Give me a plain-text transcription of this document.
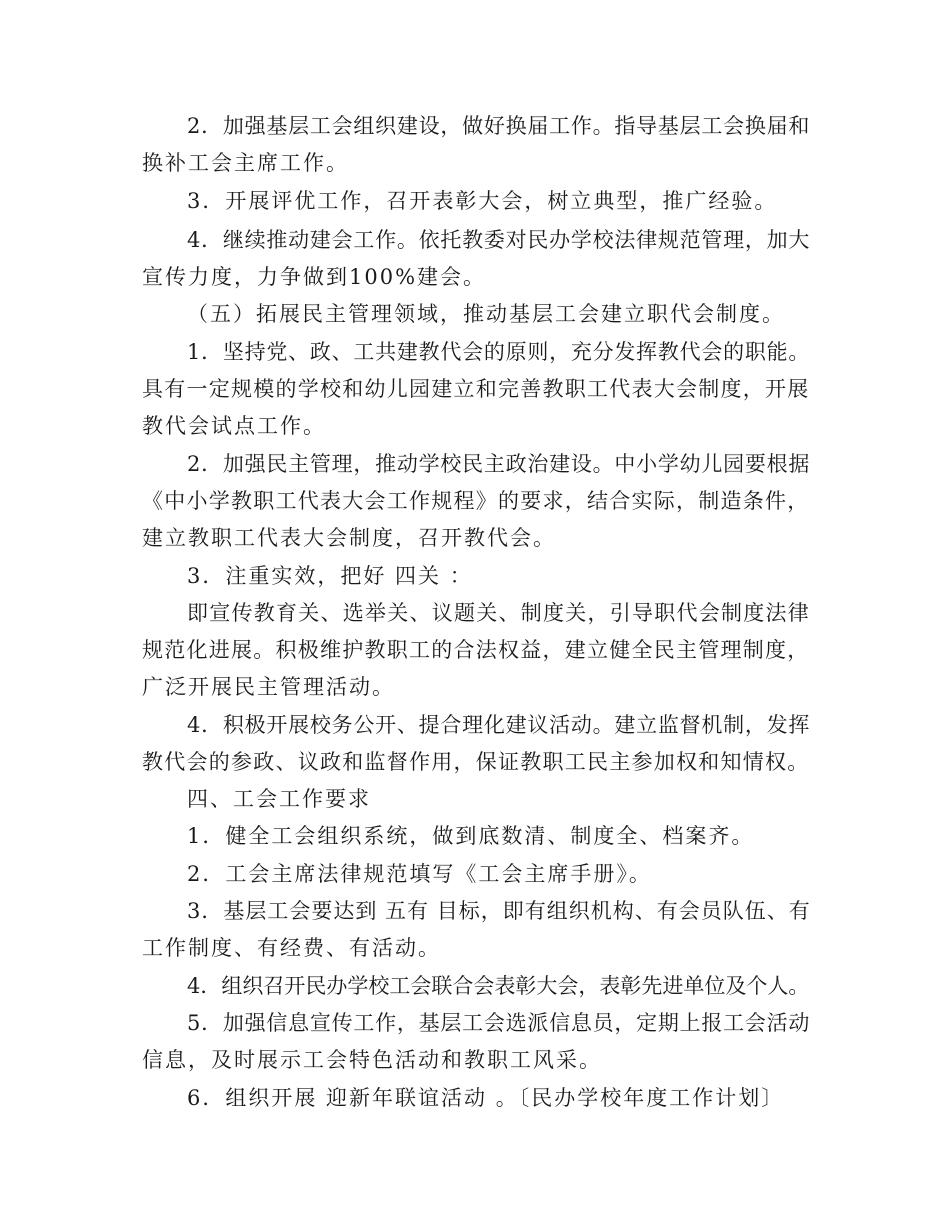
2．加强基层工会组织建设，做好换届工作。指导基层工会换届和
换补工会主席工作。
3．开展评优工作，召开表彰大会，树立典型，推广经验。
4．继续推动建会工作。依托教委对民办学校法律规范管理，加大
宣传力度，力争做到100%建会。
（五）拓展民主管理领域，推动基层工会建立职代会制度。
1．坚持党、政、工共建教代会的原则，充分发挥教代会的职能。
具有一定规模的学校和幼儿园建立和完善教职工代表大会制度，开展
教代会试点工作。
2．加强民主管理，推动学校民主政治建设。中小学幼儿园要根据
《中小学教职工代表大会工作规程》的要求，结合实际，制造条件，
建立教职工代表大会制度，召开教代会。
3．注重实效，把好 四关 ：
即宣传教育关、选举关、议题关、制度关，引导职代会制度法律
规范化进展。积极维护教职工的合法权益，建立健全民主管理制度，
广泛开展民主管理活动。
4．积极开展校务公开、提合理化建议活动。建立监督机制，发挥
教代会的参政、议政和监督作用，保证教职工民主参加权和知情权。
四、工会工作要求
1．健全工会组织系统，做到底数清、制度全、档案齐。
2．工会主席法律规范填写《工会主席手册》。
3．基层工会要达到 五有 目标，即有组织机构、有会员队伍、有
工作制度、有经费、有活动。
4．组织召开民办学校工会联合会表彰大会，表彰先进单位及个人。
5．加强信息宣传工作，基层工会选派信息员，定期上报工会活动
信息，及时展示工会特色活动和教职工风采。
6．组织开展 迎新年联谊活动 。〔民办学校年度工作计划〕
